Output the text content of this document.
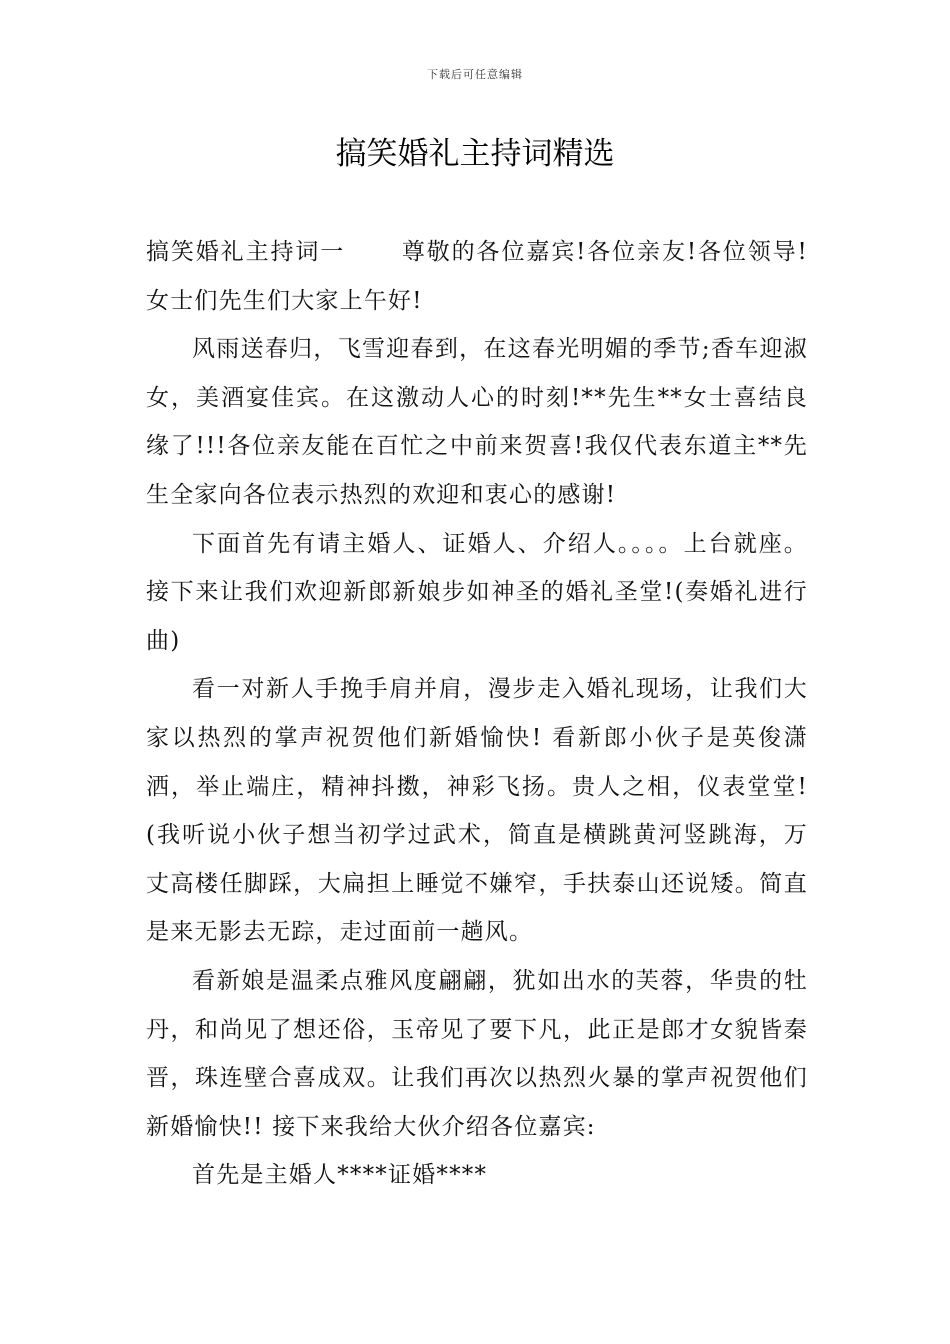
下载后可任意编辑
搞笑婚礼主持词精选

搞笑婚礼主持词一 尊敬的各位嘉宾!各位亲友!各位领导!女士们先生们大家上午好!

风雨送春归，飞雪迎春到，在这春光明媚的季节;香车迎淑女，美酒宴佳宾。在这激动人心的时刻!**先生**女士喜结良缘了!!!各位亲友能在百忙之中前来贺喜!我仅代表东道主**先生全家向各位表示热烈的欢迎和衷心的感谢!

下面首先有请主婚人、证婚人、介绍人。。。。上台就座。 接下来让我们欢迎新郎新娘步如神圣的婚礼圣堂!(奏婚礼进行曲)

看一对新人手挽手肩并肩，漫步走入婚礼现场，让我们大家以热烈的掌声祝贺他们新婚愉快! 看新郎小伙子是英俊潇洒，举止端庄，精神抖擞，神彩飞扬。贵人之相，仪表堂堂!(我听说小伙子想当初学过武术，简直是横跳黄河竖跳海，万丈高楼任脚踩，大扁担上睡觉不嫌窄，手扶泰山还说矮。简直是来无影去无踪，走过面前一趟风。

看新娘是温柔点雅风度翩翩，犹如出水的芙蓉，华贵的牡丹，和尚见了想还俗，玉帝见了要下凡，此正是郎才女貌皆秦晋，珠连壁合喜成双。让我们再次以热烈火暴的掌声祝贺他们新婚愉快!! 接下来我给大伙介绍各位嘉宾:

首先是主婚人****证婚****
